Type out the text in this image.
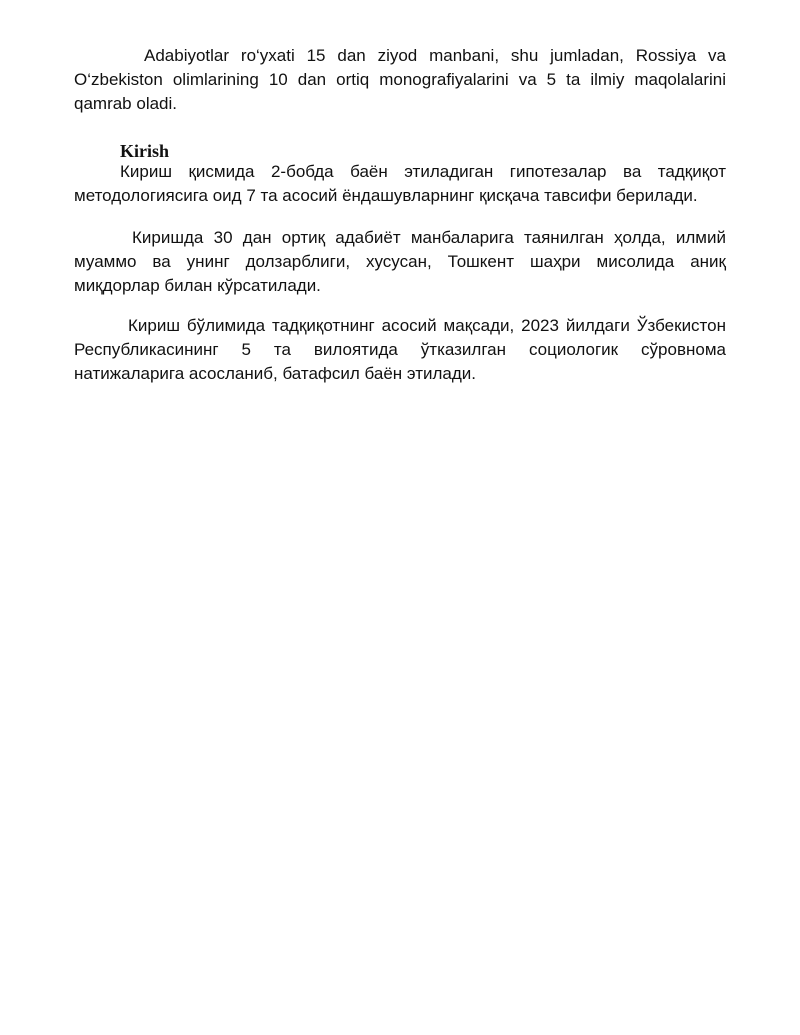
Adabiyotlar ro‘yxati 15 dan ziyod manbani, shu jumladan, Rossiya va O‘zbekiston olimlarining 10 dan ortiq monografiyalarini va 5 ta ilmiy maqolalarini qamrab oladi.

Kirish

Кириш қисмида 2-бобда баён этиладиган гипотезалар ва тадқиқот методологиясига оид 7 та асосий ёндашувларнинг қисқача тавсифи берилади.

Киришда 30 дан ортиқ адабиёт манбаларига таянилган ҳолда, илмий муаммо ва унинг долзарблиги, хусусан, Тошкент шаҳри мисолида аниқ миқдорлар билан кўрсатилади.

Кириш бўлимида тадқиқотнинг асосий мақсади, 2023 йилдаги Ўзбекистон Республикасининг 5 та вилоятида ўтказилган социологик сўровнома натижаларига асосланиб, батафсил баён этилади.
